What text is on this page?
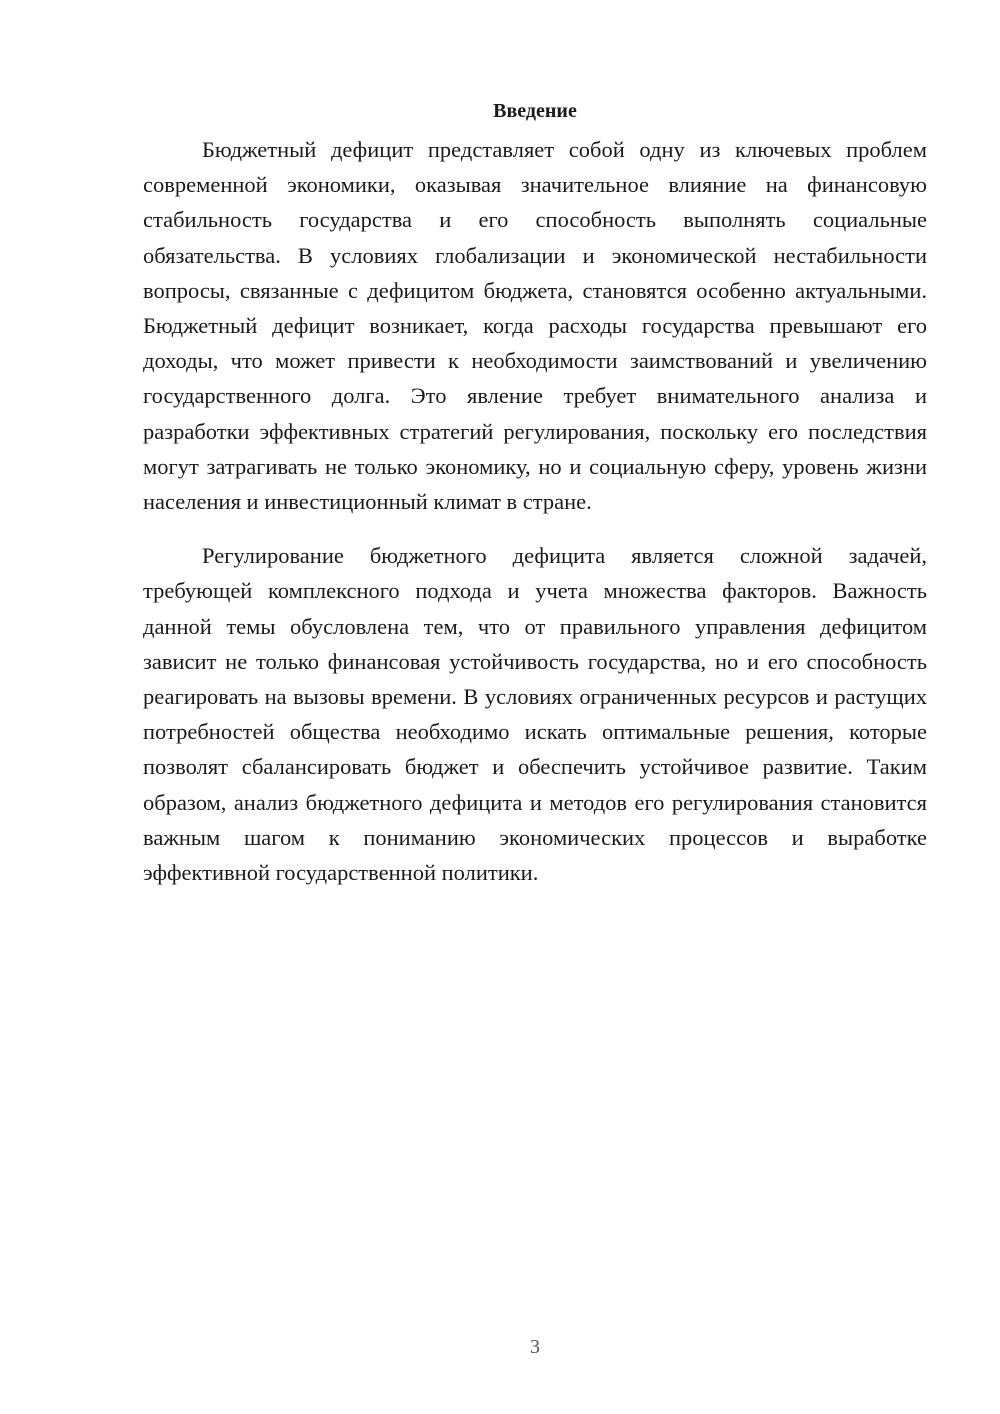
Введение

Бюджетный дефицит представляет собой одну из ключевых проблем современной экономики, оказывая значительное влияние на финансовую стабильность государства и его способность выполнять социальные обязательства. В условиях глобализации и экономической нестабильности вопросы, связанные с дефицитом бюджета, становятся особенно актуальными. Бюджетный дефицит возникает, когда расходы государства превышают его доходы, что может привести к необходимости заимствований и увеличению государственного долга. Это явление требует внимательного анализа и разработки эффективных стратегий регулирования, поскольку его последствия могут затрагивать не только экономику, но и социальную сферу, уровень жизни населения и инвестиционный климат в стране.

Регулирование бюджетного дефицита является сложной задачей, требующей комплексного подхода и учета множества факторов. Важность данной темы обусловлена тем, что от правильного управления дефицитом зависит не только финансовая устойчивость государства, но и его способность реагировать на вызовы времени. В условиях ограниченных ресурсов и растущих потребностей общества необходимо искать оптимальные решения, которые позволят сбалансировать бюджет и обеспечить устойчивое развитие. Таким образом, анализ бюджетного дефицита и методов его регулирования становится важным шагом к пониманию экономических процессов и выработке эффективной государственной политики.

3
